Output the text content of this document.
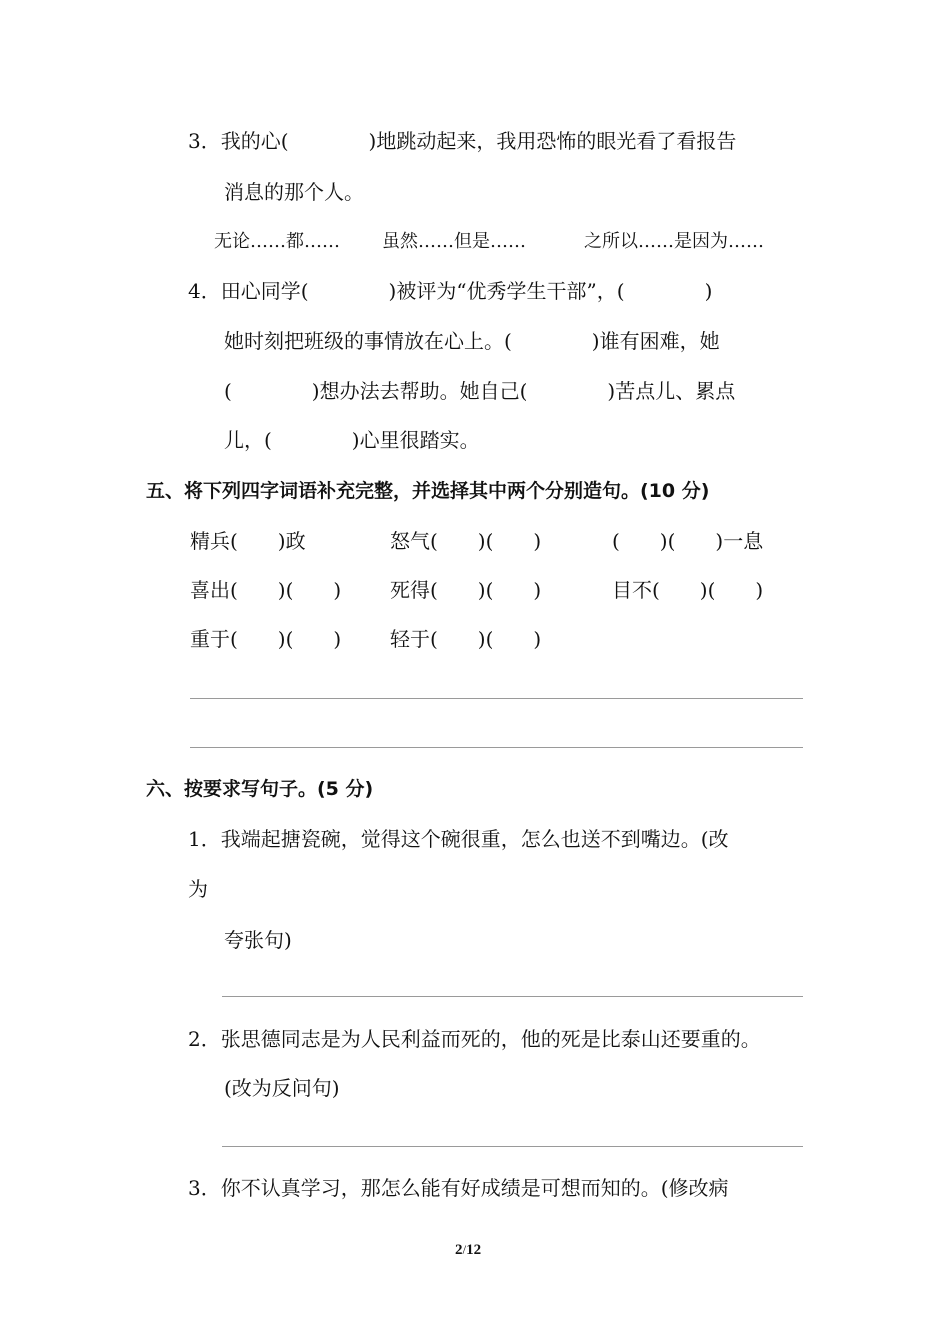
3．我的心(　　　　)地跳动起来，我用恐怖的眼光看了看报告
消息的那个人。
无论……都…… 虽然……但是……	之所以……是因为……
4．田心同学(　　　　)被评为“优秀学生干部”，(　　　　)
她时刻把班级的事情放在心上。(　　　　)谁有困难，她
(　　　　)想办法去帮助。她自己(　　　　)苦点儿、累点
儿，(　　　　)心里很踏实。
五、将下列四字词语补充完整，并选择其中两个分别造句。(10 分)
精兵(　　)政	怒气(　　)(　　)	(　　)(　　)一息
喜出(　　)(　　) 死得(　　)(　　)	目不(　　)(　　)
重于(　　)(　　) 轻于(　　)(　　)
六、按要求写句子。(5 分)
1．我端起搪瓷碗，觉得这个碗很重，怎么也送不到嘴边。(改
为
夸张句)
2．张思德同志是为人民利益而死的，他的死是比泰山还要重的。
(改为反问句)
3．你不认真学习，那怎么能有好成绩是可想而知的。(修改病
2/12
